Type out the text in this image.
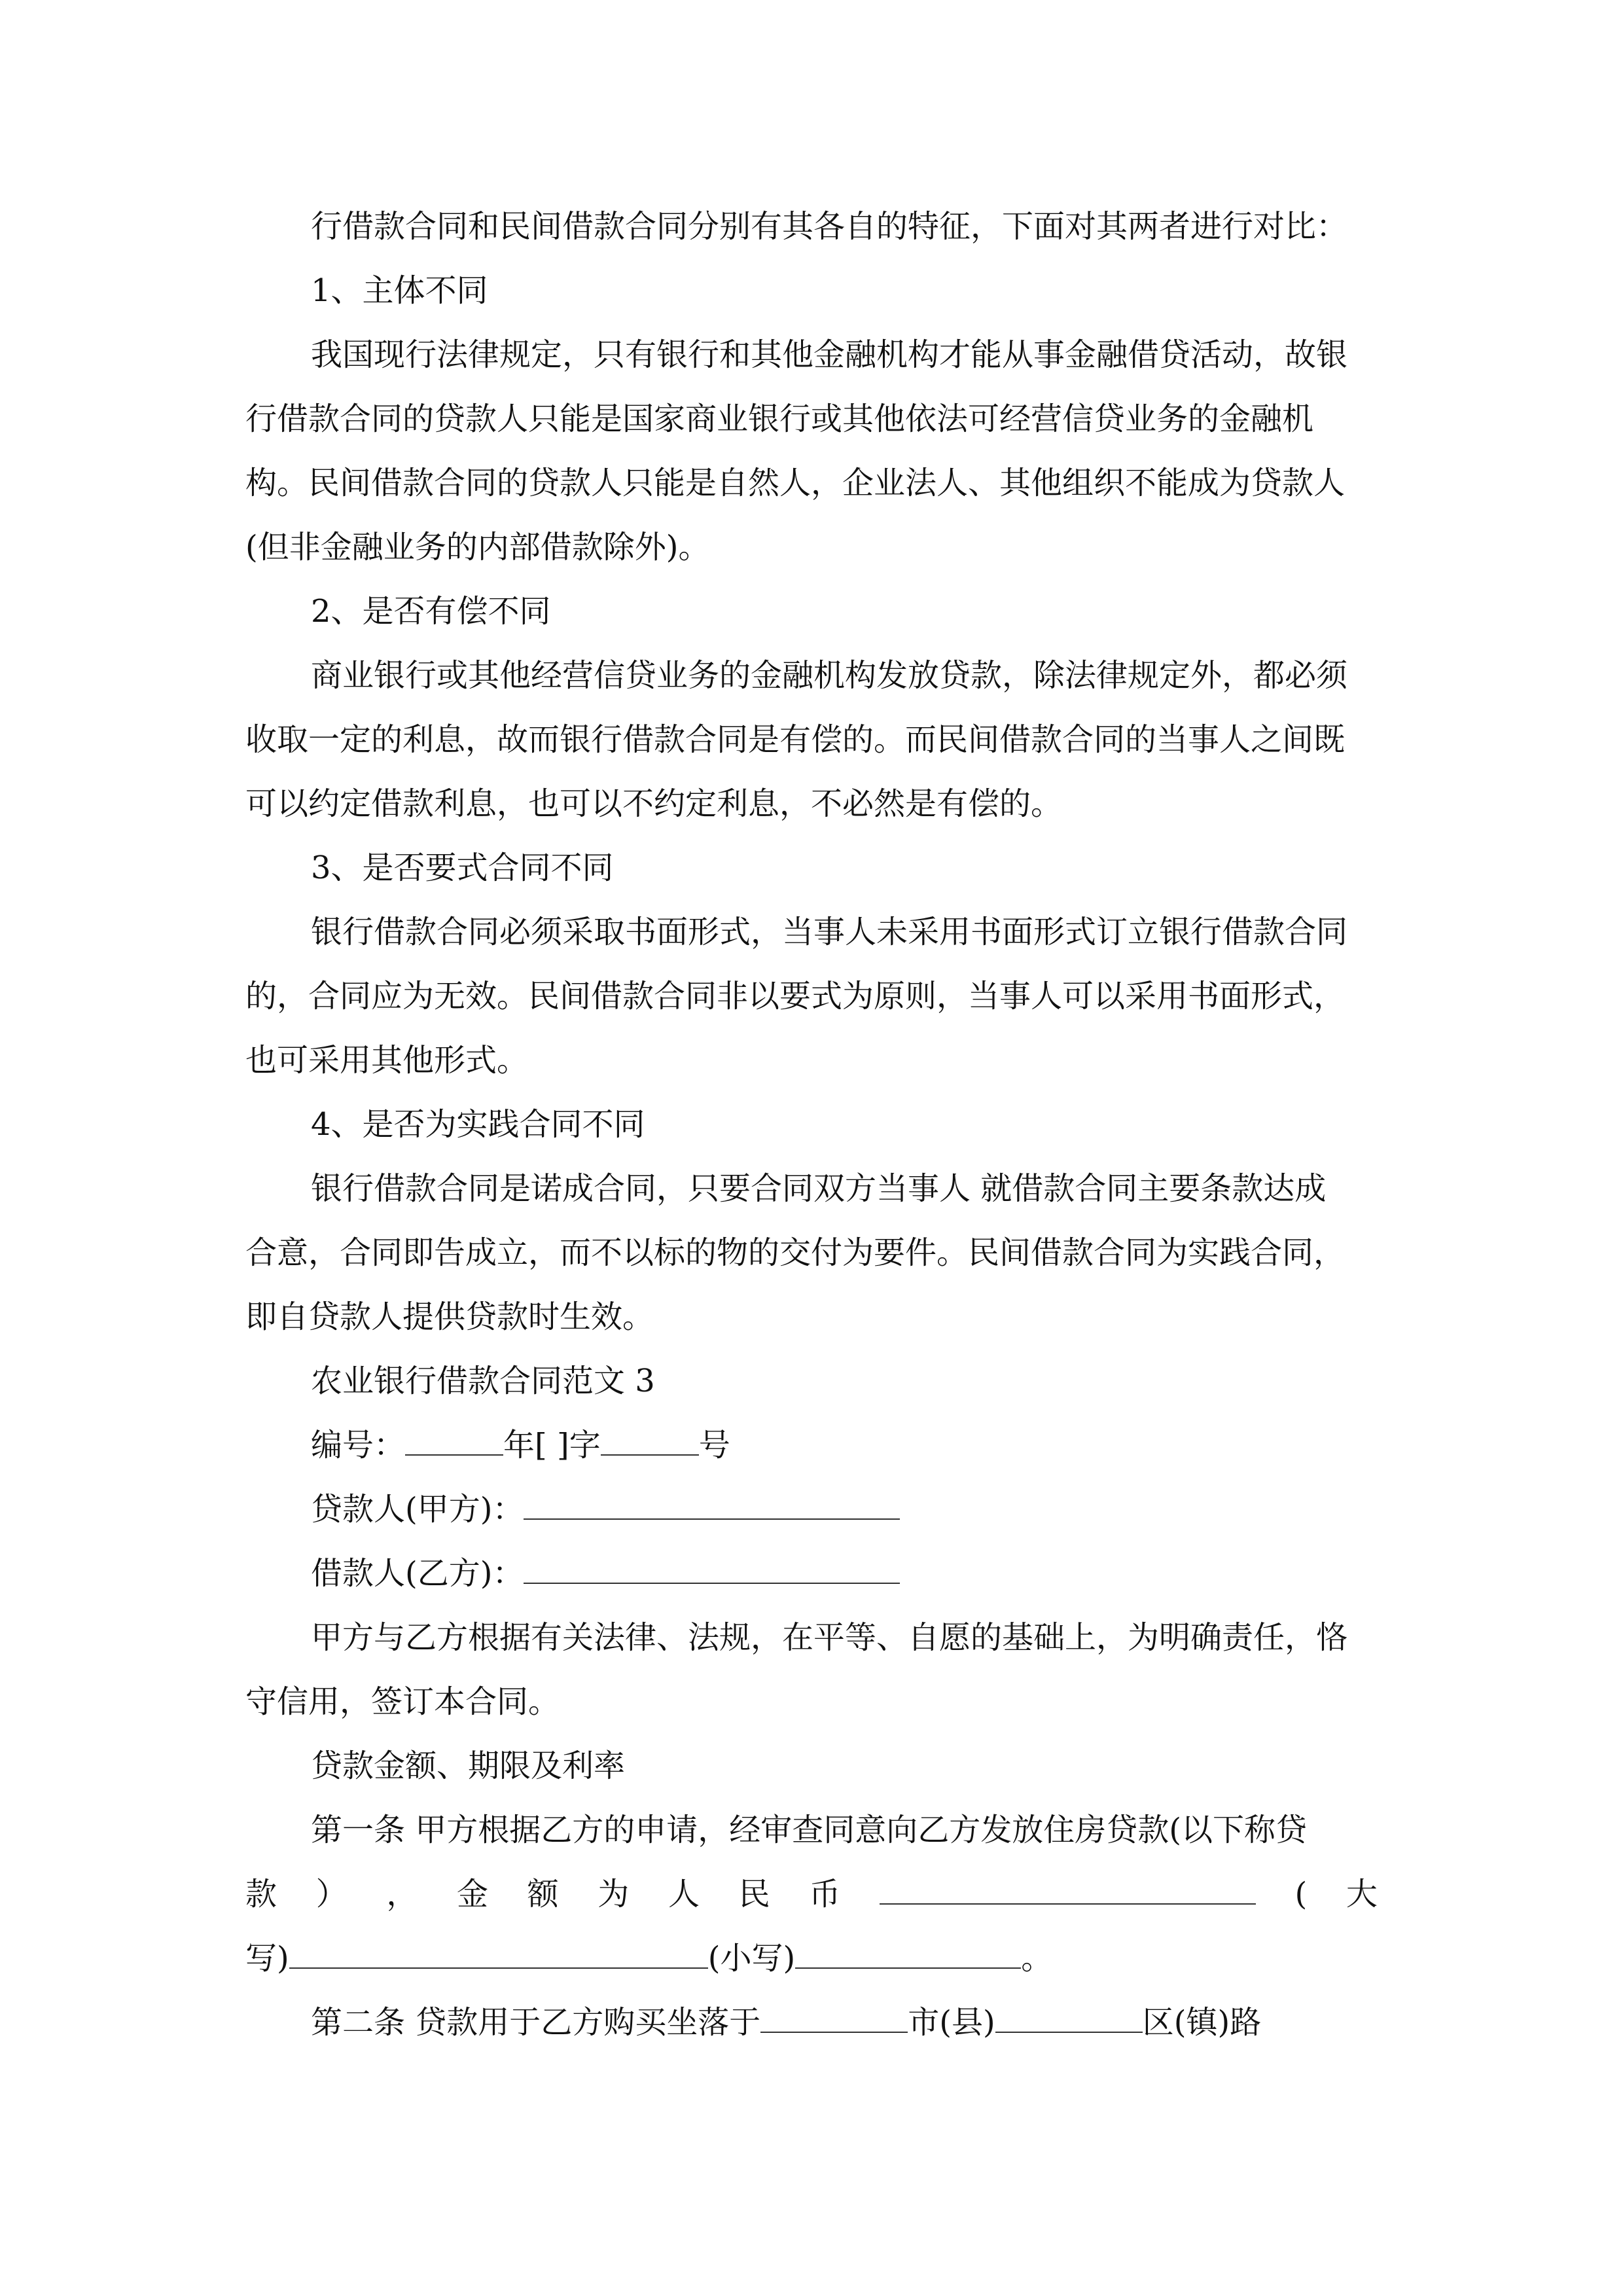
行借款合同和民间借款合同分别有其各自的特征，下面对其两者进行对比：
1、主体不同
我国现行法律规定，只有银行和其他金融机构才能从事金融借贷活动，故银
行借款合同的贷款人只能是国家商业银行或其他依法可经营信贷业务的金融机
构。民间借款合同的贷款人只能是自然人，企业法人、其他组织不能成为贷款人
(但非金融业务的内部借款除外)。
2、是否有偿不同
商业银行或其他经营信贷业务的金融机构发放贷款，除法律规定外，都必须
收取一定的利息，故而银行借款合同是有偿的。而民间借款合同的当事人之间既
可以约定借款利息，也可以不约定利息，不必然是有偿的。
3、是否要式合同不同
银行借款合同必须采取书面形式，当事人未采用书面形式订立银行借款合同
的，合同应为无效。民间借款合同非以要式为原则，当事人可以采用书面形式，
也可采用其他形式。
4、是否为实践合同不同
银行借款合同是诺成合同，只要合同双方当事人 就借款合同主要条款达成
合意，合同即告成立，而不以标的物的交付为要件。民间借款合同为实践合同，
即自贷款人提供贷款时生效。
农业银行借款合同范文 3
编号：	年[ ]字	号
贷款人(甲方)：
借款人(乙方)：
甲方与乙方根据有关法律、法规，在平等、自愿的基础上，为明确责任，恪
守信用，签订本合同。
贷款金额、期限及利率
第一条 甲方根据乙方的申请，经审查同意向乙方发放住房贷款(以下称贷
款 ） ， 金 额 为 人 民 币	( 大
写)	(小写)	。
第二条 贷款用于乙方购买坐落于	市(县)	区(镇)路
